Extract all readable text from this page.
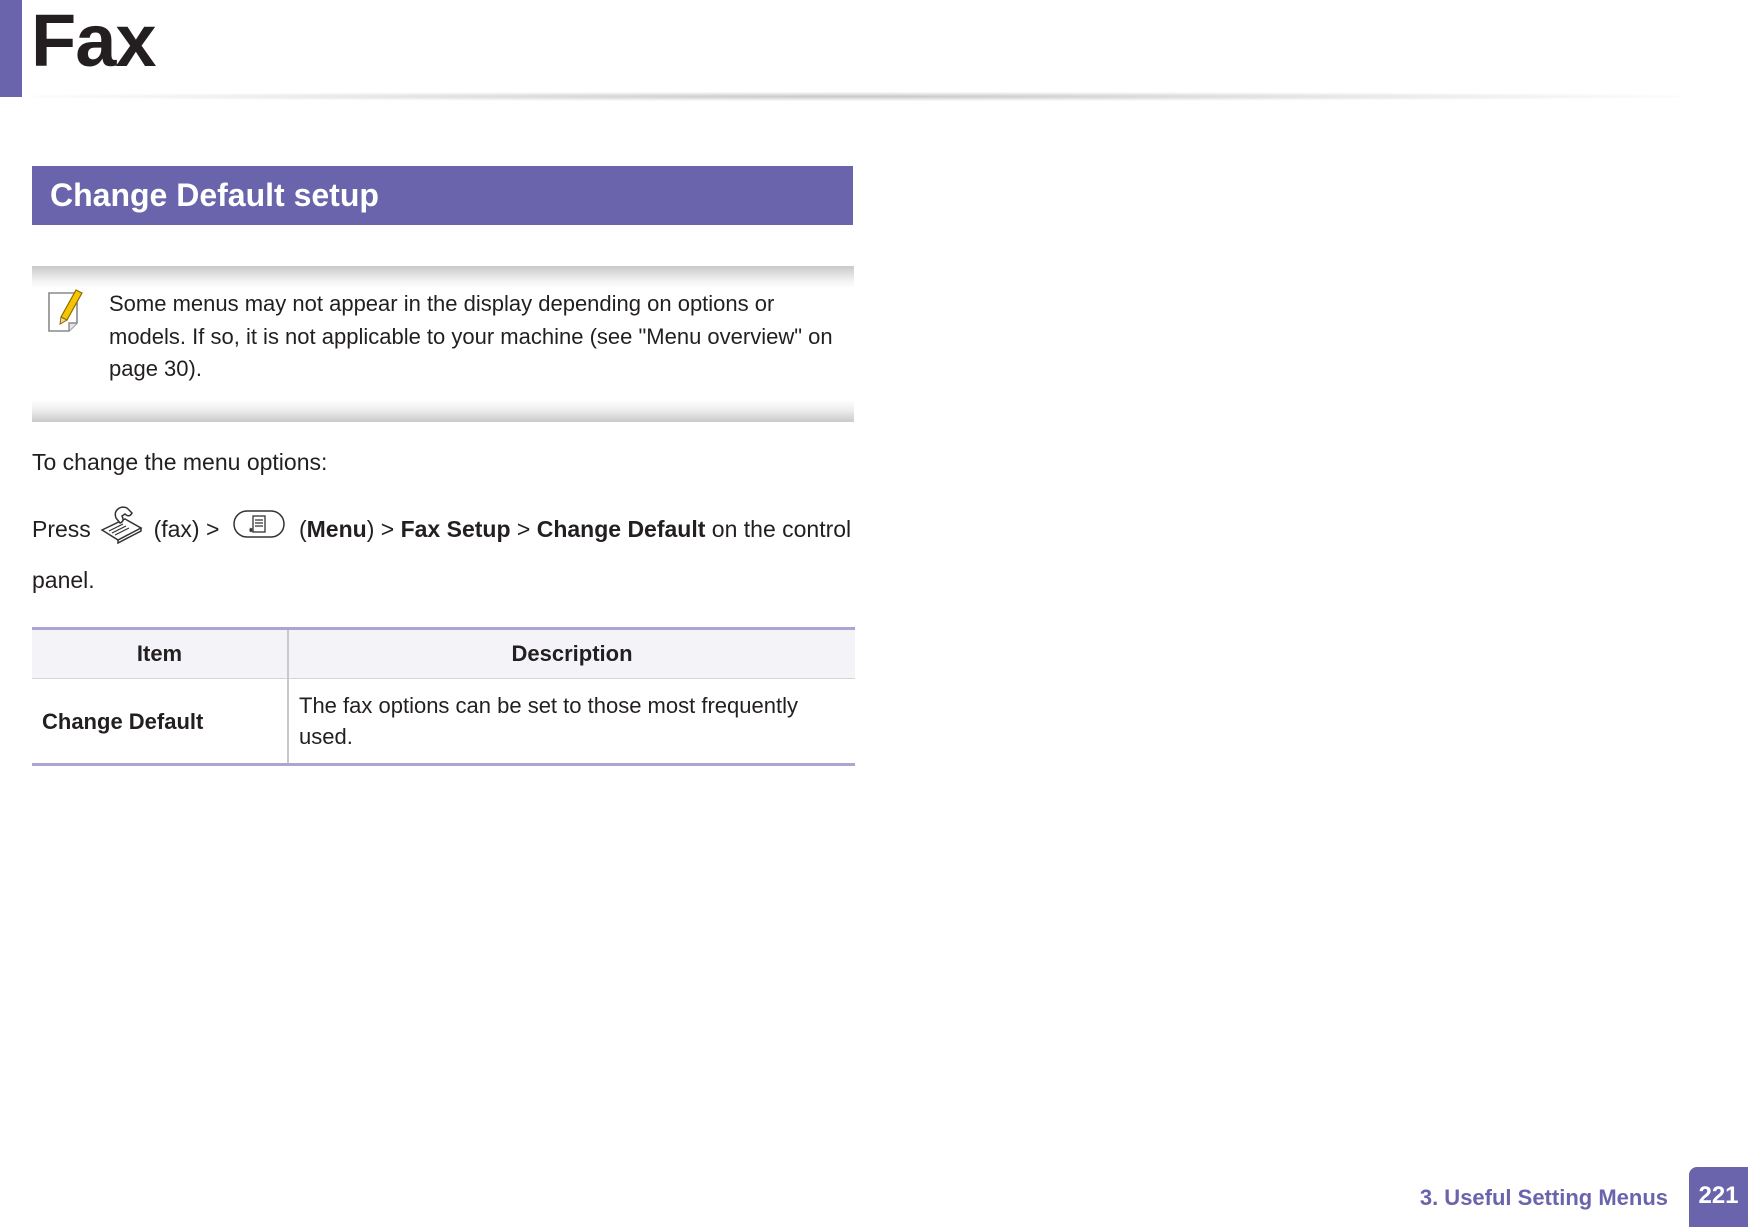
Fax
Change Default setup
Some menus may not appear in the display depending on options or models. If so, it is not applicable to your machine (see "Menu overview" on page 30).
To change the menu options:
Press	(fax) >	(Menu) > Fax Setup > Change Default on the control panel.
Item	Description
Change Default	The fax options can be set to those most frequently used.
3. Useful Setting Menus	221
